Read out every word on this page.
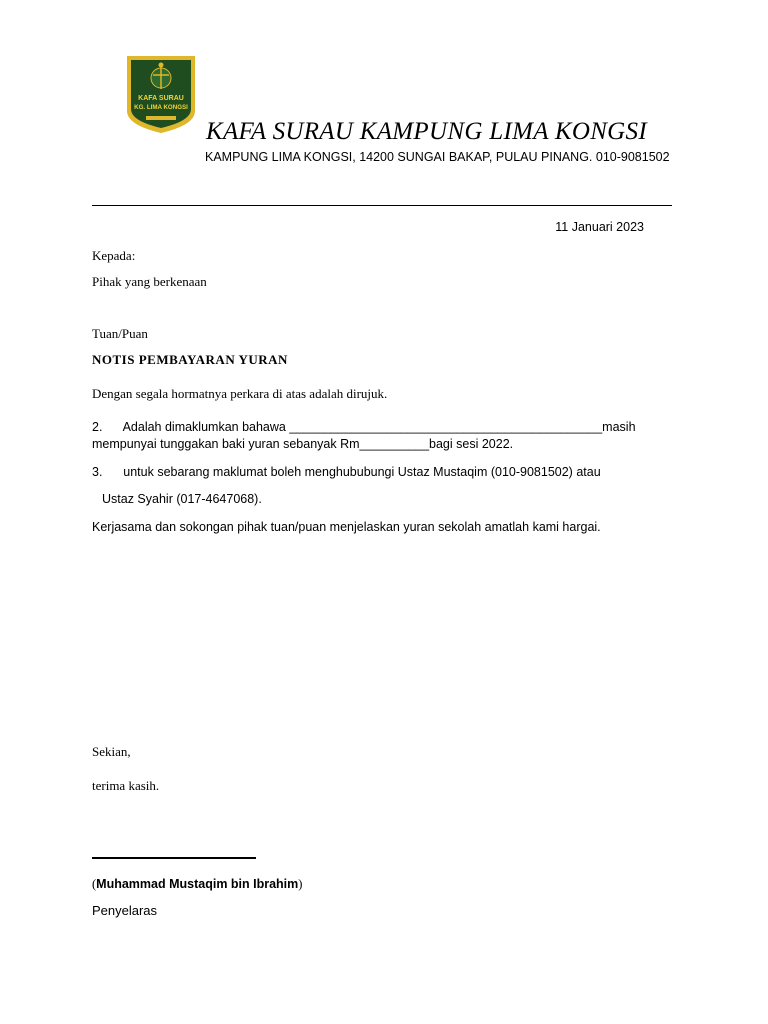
KAFA SURAU
KG. LIMA KONGSI
KAFA SURAU KAMPUNG LIMA KONGSI
KAMPUNG LIMA KONGSI, 14200 SUNGAI BAKAP, PULAU PINANG. 010-9081502
11 Januari 2023
Kepada:
Pihak yang berkenaan
Tuan/Puan
NOTIS PEMBAYARAN YURAN
Dengan segala hormatnya perkara di atas adalah dirujuk.
2.      Adalah dimaklumkan bahawa _____________________________________________masih
mempunyai tunggakan baki yuran sebanyak Rm__________bagi sesi 2022.
3.      untuk sebarang maklumat boleh menghububungi Ustaz Mustaqim (010-9081502) atau
Ustaz Syahir (017-4647068).
Kerjasama dan sokongan pihak tuan/puan menjelaskan yuran sekolah amatlah kami hargai.
Sekian,
terima kasih.
(Muhammad Mustaqim bin Ibrahim)
Penyelaras
